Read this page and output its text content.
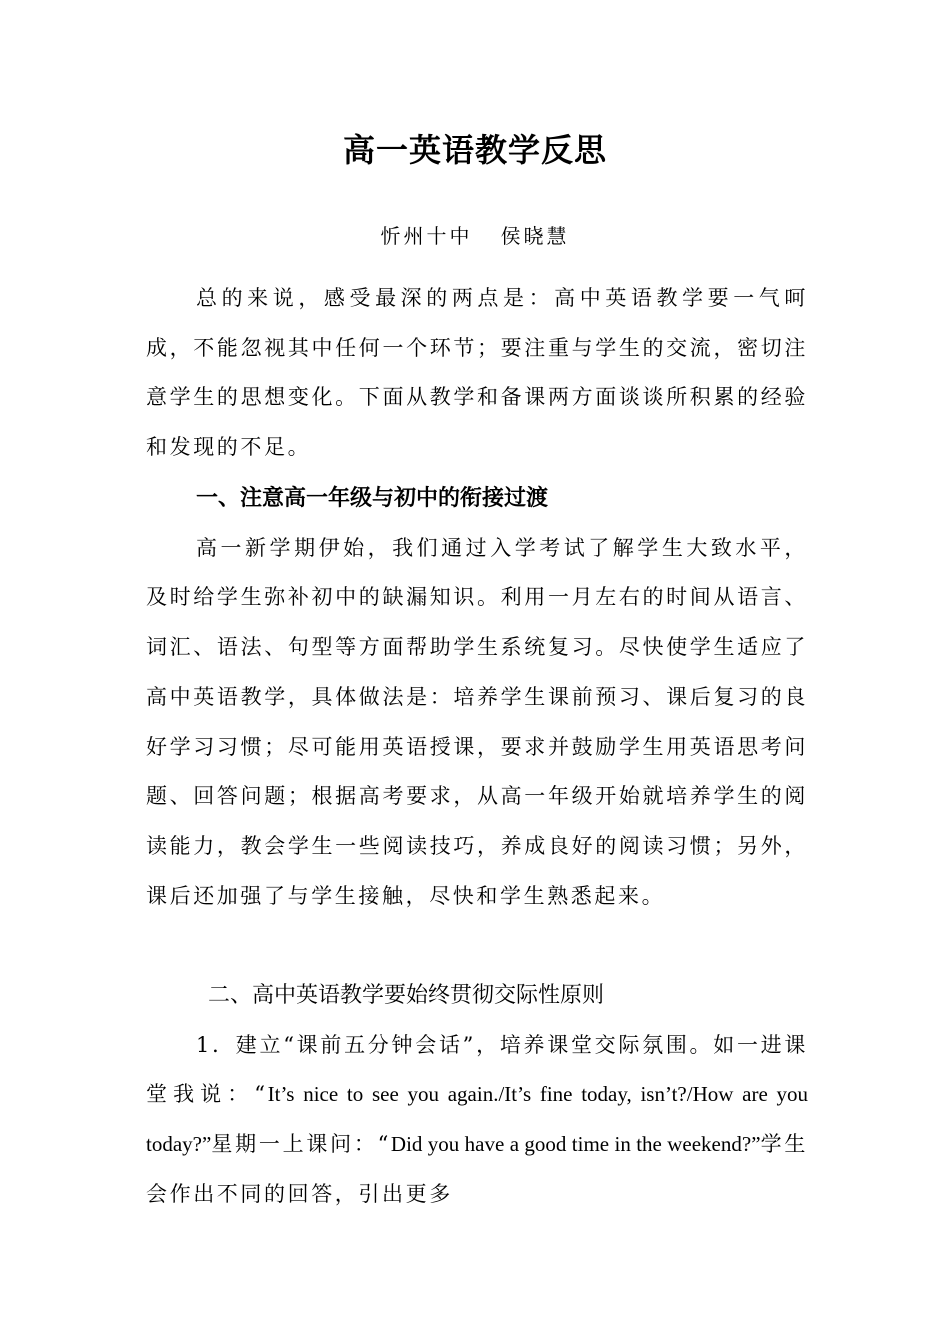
高一英语教学反思
忻州十中   侯晓慧

总的来说，感受最深的两点是：高中英语教学要一气呵成，不能忽视其中任何一个环节；要注重与学生的交流，密切注意学生的思想变化。下面从教学和备课两方面谈谈所积累的经验和发现的不足。

一、注意高一年级与初中的衔接过渡

高一新学期伊始，我们通过入学考试了解学生大致水平，及时给学生弥补初中的缺漏知识。利用一月左右的时间从语言、词汇、语法、句型等方面帮助学生系统复习。尽快使学生适应了高中英语教学，具体做法是：培养学生课前预习、课后复习的良好学习习惯；尽可能用英语授课，要求并鼓励学生用英语思考问题、回答问题；根据高考要求，从高一年级开始就培养学生的阅读能力，教会学生一些阅读技巧，养成良好的阅读习惯；另外，课后还加强了与学生接触，尽快和学生熟悉起来。

二、高中英语教学要始终贯彻交际性原则

1．建立“课前五分钟会话”，培养课堂交际氛围。如一进课堂我说：“It’s nice to see you again./It’s fine today, isn’t?/How are you today?”星期一上课问：“Did you have a good time in the weekend?”学生会作出不同的回答，引出更多
